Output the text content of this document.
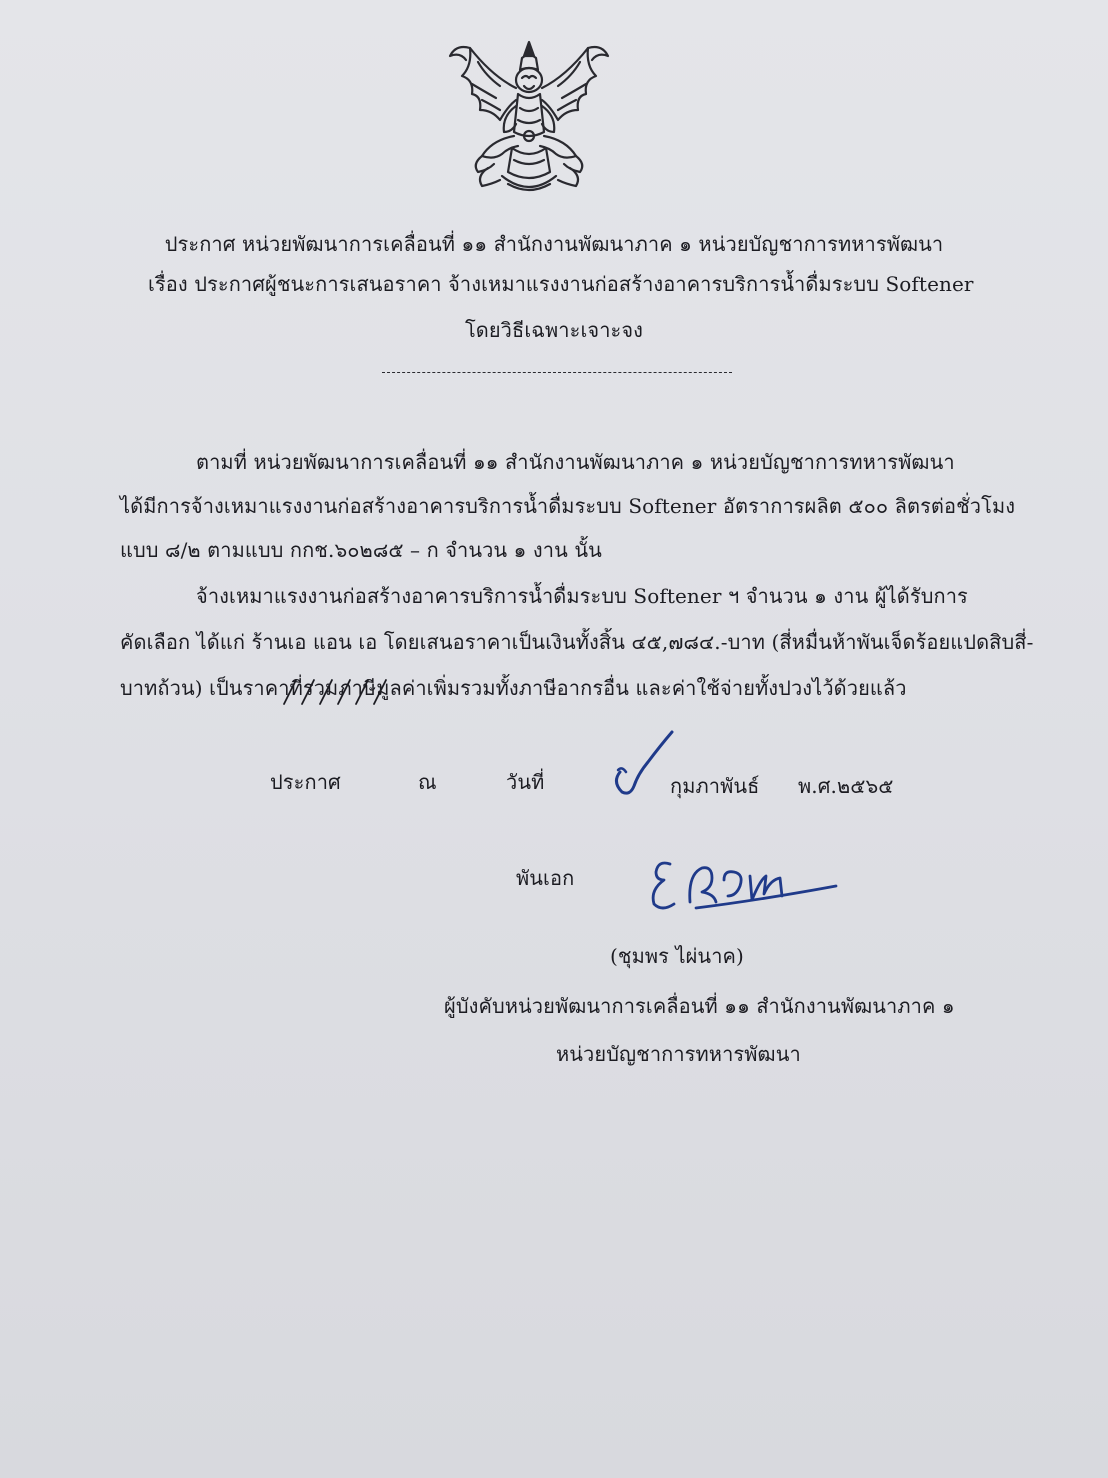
ประกาศ หน่วยพัฒนาการเคลื่อนที่ ๑๑ สำนักงานพัฒนาภาค ๑ หน่วยบัญชาการทหารพัฒนา
เรื่อง ประกาศผู้ชนะการเสนอราคา จ้างเหมาแรงงานก่อสร้างอาคารบริการน้ำดื่มระบบ Softener
โดยวิธีเฉพาะเจาะจง
ตามที่ หน่วยพัฒนาการเคลื่อนที่ ๑๑ สำนักงานพัฒนาภาค ๑ หน่วยบัญชาการทหารพัฒนา
ได้มีการจ้างเหมาแรงงานก่อสร้างอาคารบริการน้ำดื่มระบบ Softener อัตราการผลิต ๕๐๐ ลิตรต่อชั่วโมง
แบบ ๘/๒ ตามแบบ กกช.๖๐๒๘๕ – ก จำนวน ๑ งาน นั้น
จ้างเหมาแรงงานก่อสร้างอาคารบริการน้ำดื่มระบบ Softener ฯ จำนวน ๑ งาน ผู้ได้รับการ
คัดเลือก ได้แก่ ร้านเอ แอน เอ โดยเสนอราคาเป็นเงินทั้งสิ้น ๔๕,๗๘๔.-บาท (สี่หมื่นห้าพันเจ็ดร้อยแปดสิบสี่-
บาทถ้วน) เป็นราคาที่รวมภาษีมูลค่าเพิ่มรวมทั้งภาษีอากรอื่น และค่าใช้จ่ายทั้งปวงไว้ด้วยแล้ว
ประกาศ	ณ	วันที่	กุมภาพันธ์ พ.ศ.๒๕๖๕
พันเอก
(ชุมพร ไผ่นาค)
ผู้บังคับหน่วยพัฒนาการเคลื่อนที่ ๑๑ สำนักงานพัฒนาภาค ๑
หน่วยบัญชาการทหารพัฒนา
